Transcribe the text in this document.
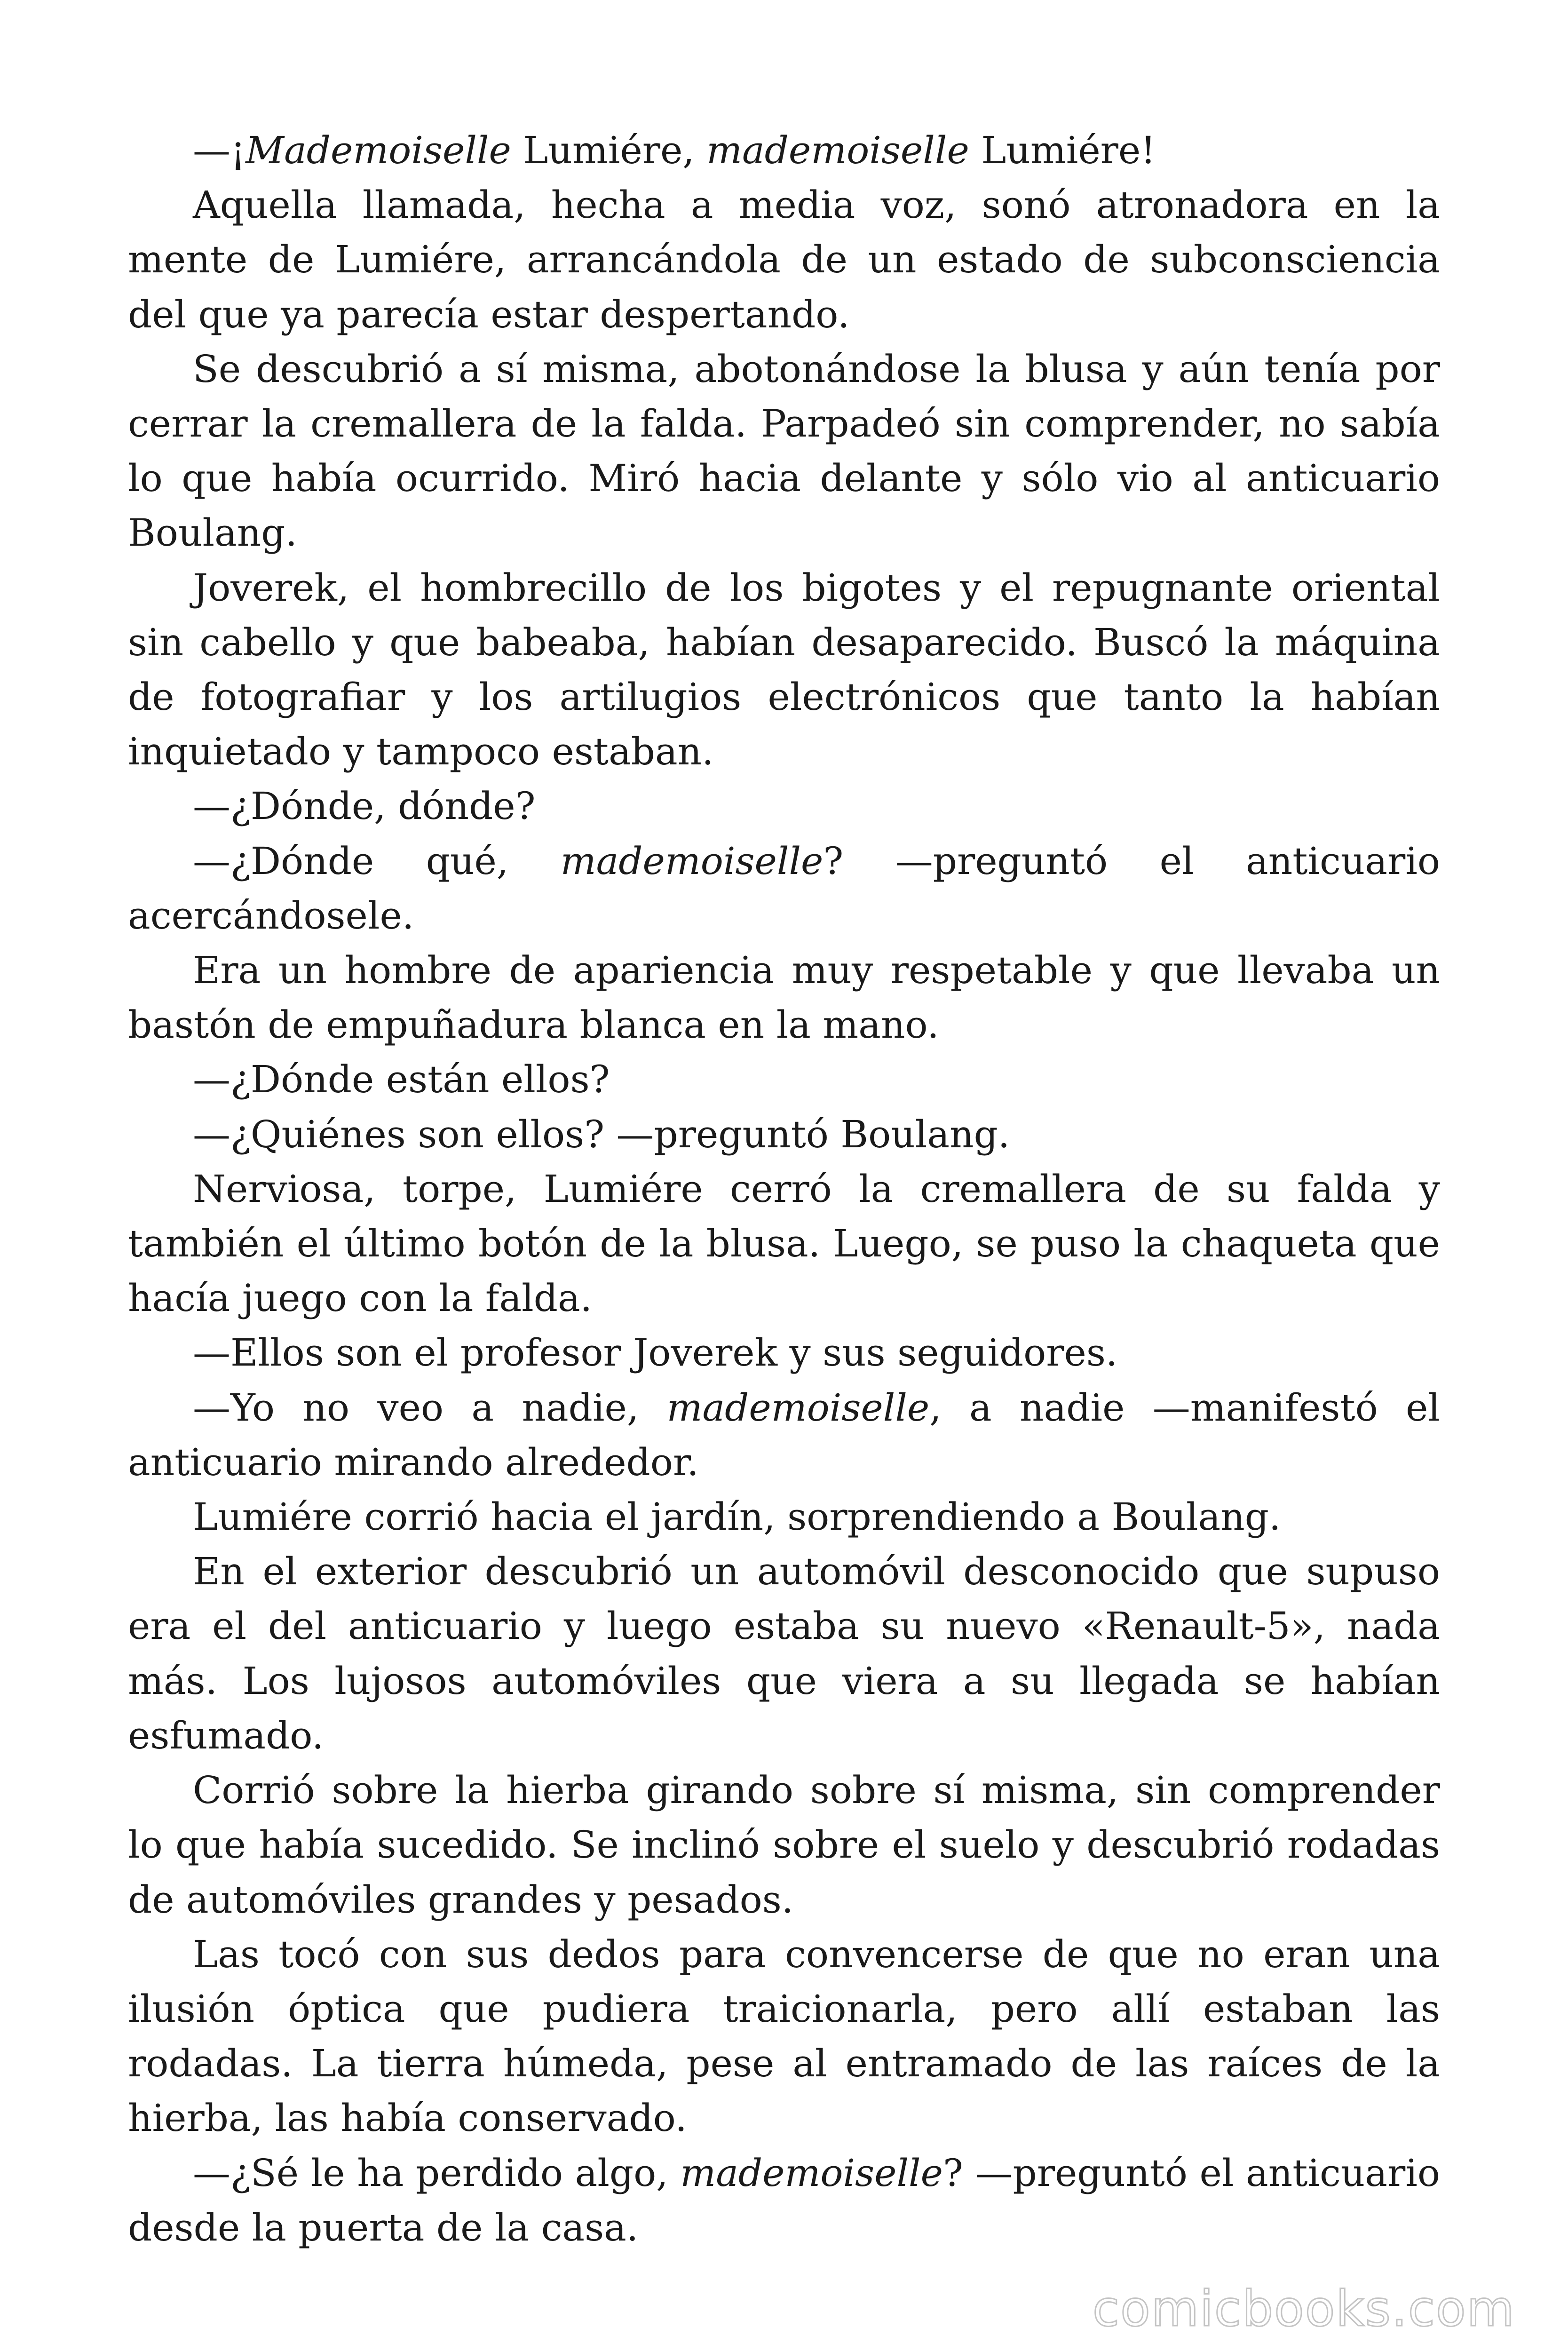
—¡Mademoiselle Lumiére, mademoiselle Lumiére!

Aquella llamada, hecha a media voz, sonó atronadora en la mente de Lumiére, arrancándola de un estado de subconsciencia del que ya parecía estar despertando.

Se descubrió a sí misma, abotonándose la blusa y aún tenía por cerrar la cremallera de la falda. Parpadeó sin comprender, no sabía lo que había ocurrido. Miró hacia delante y sólo vio al anticuario Boulang.

Joverek, el hombrecillo de los bigotes y el repugnante oriental sin cabello y que babeaba, habían desaparecido. Buscó la máquina de fotografiar y los artilugios electrónicos que tanto la habían inquietado y tampoco estaban.

—¿Dónde, dónde?

—¿Dónde qué, mademoiselle? —preguntó el anticuario acercándosele.

Era un hombre de apariencia muy respetable y que llevaba un bastón de empuñadura blanca en la mano.

—¿Dónde están ellos?

—¿Quiénes son ellos? —preguntó Boulang.

Nerviosa, torpe, Lumiére cerró la cremallera de su falda y también el último botón de la blusa. Luego, se puso la chaqueta que hacía juego con la falda.

—Ellos son el profesor Joverek y sus seguidores.

—Yo no veo a nadie, mademoiselle, a nadie —manifestó el anticuario mirando alrededor.

Lumiére corrió hacia el jardín, sorprendiendo a Boulang.

En el exterior descubrió un automóvil desconocido que supuso era el del anticuario y luego estaba su nuevo «Renault-5», nada más. Los lujosos automóviles que viera a su llegada se habían esfumado.

Corrió sobre la hierba girando sobre sí misma, sin comprender lo que había sucedido. Se inclinó sobre el suelo y descubrió rodadas de automóviles grandes y pesados.

Las tocó con sus dedos para convencerse de que no eran una ilusión óptica que pudiera traicionarla, pero allí estaban las rodadas. La tierra húmeda, pese al entramado de las raíces de la hierba, las había conservado.

—¿Sé le ha perdido algo, mademoiselle? —preguntó el anticuario desde la puerta de la casa.

comicbooks.com
